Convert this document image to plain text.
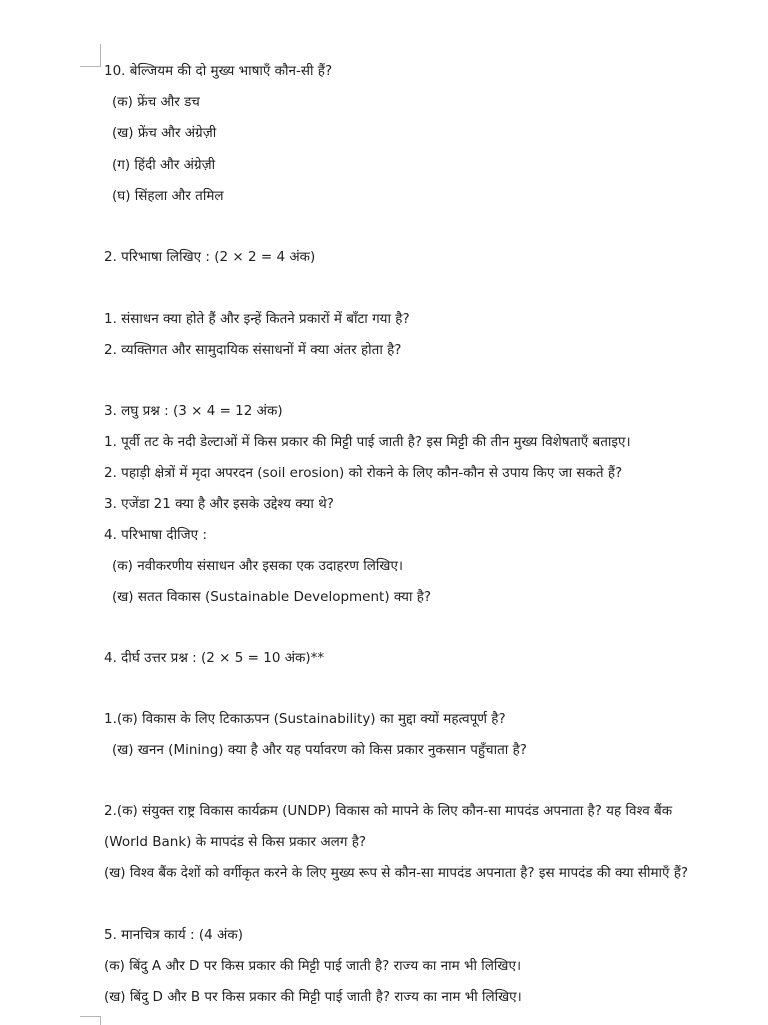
10. बेल्जियम की दो मुख्य भाषाएँ कौन-सी हैं?

(क) फ्रेंच और डच

(ख) फ्रेंच और अंग्रेज़ी

(ग) हिंदी और अंग्रेज़ी

(घ) सिंहला और तमिल

2. परिभाषा लिखिए : (2 × 2 = 4 अंक)

1. संसाधन क्या होते हैं और इन्हें कितने प्रकारों में बाँटा गया है?

2. व्यक्तिगत और सामुदायिक संसाधनों में क्या अंतर होता है?

3. लघु प्रश्न : (3 × 4 = 12 अंक)

1. पूर्वी तट के नदी डेल्टाओं में किस प्रकार की मिट्टी पाई जाती है? इस मिट्टी की तीन मुख्य विशेषताएँ बताइए।

2. पहाड़ी क्षेत्रों में मृदा अपरदन (soil erosion) को रोकने के लिए कौन-कौन से उपाय किए जा सकते हैं?

3. एजेंडा 21 क्या है और इसके उद्देश्य क्या थे?

4. परिभाषा दीजिए :

(क) नवीकरणीय संसाधन और इसका एक उदाहरण लिखिए।

(ख) सतत विकास (Sustainable Development) क्या है?

4. दीर्घ उत्तर प्रश्न : (2 × 5 = 10 अंक)**

1.(क) विकास के लिए टिकाऊपन (Sustainability) का मुद्दा क्यों महत्वपूर्ण है?

(ख) खनन (Mining) क्या है और यह पर्यावरण को किस प्रकार नुकसान पहुँचाता है?

2.(क) संयुक्त राष्ट्र विकास कार्यक्रम (UNDP) विकास को मापने के लिए कौन-सा मापदंड अपनाता है? यह विश्व बैंक

(World Bank) के मापदंड से किस प्रकार अलग है?

(ख) विश्व बैंक देशों को वर्गीकृत करने के लिए मुख्य रूप से कौन-सा मापदंड अपनाता है? इस मापदंड की क्या सीमाएँ हैं?

5. मानचित्र कार्य : (4 अंक)

(क) बिंदु A और D पर किस प्रकार की मिट्टी पाई जाती है? राज्य का नाम भी लिखिए।

(ख) बिंदु D और B पर किस प्रकार की मिट्टी पाई जाती है? राज्य का नाम भी लिखिए।
